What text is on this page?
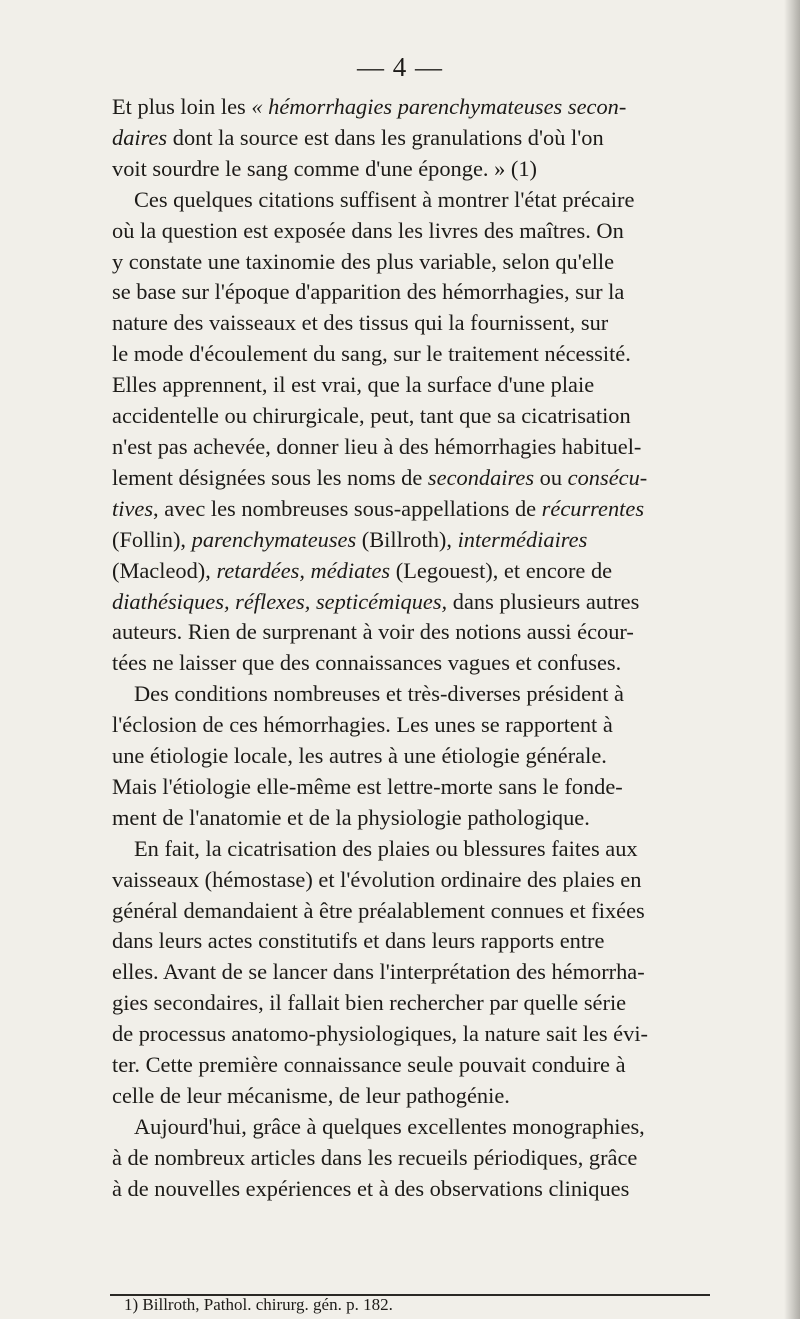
— 4 —

Et plus loin les « hémorrhagies parenchymateuses secon-
daires dont la source est dans les granulations d'où l'on
voit sourdre le sang comme d'une éponge. » (1)

Ces quelques citations suffisent à montrer l'état précaire
où la question est exposée dans les livres des maîtres. On
y constate une taxinomie des plus variable, selon qu'elle
se base sur l'époque d'apparition des hémorrhagies, sur la
nature des vaisseaux et des tissus qui la fournissent, sur
le mode d'écoulement du sang, sur le traitement nécessité.
Elles apprennent, il est vrai, que la surface d'une plaie
accidentelle ou chirurgicale, peut, tant que sa cicatrisation
n'est pas achevée, donner lieu à des hémorrhagies habituel-
lement désignées sous les noms de secondaires ou consécu-
tives, avec les nombreuses sous-appellations de récurrentes
(Follin), parenchymateuses (Billroth), intermédiaires
(Macleod), retardées, médiates (Legouest), et encore de
diathésiques, réflexes, septicémiques, dans plusieurs autres
auteurs. Rien de surprenant à voir des notions aussi écour-
tées ne laisser que des connaissances vagues et confuses.

Des conditions nombreuses et très-diverses président à
l'éclosion de ces hémorrhagies. Les unes se rapportent à
une étiologie locale, les autres à une étiologie générale.
Mais l'étiologie elle-même est lettre-morte sans le fonde-
ment de l'anatomie et de la physiologie pathologique.

En fait, la cicatrisation des plaies ou blessures faites aux
vaisseaux (hémostase) et l'évolution ordinaire des plaies en
général demandaient à être préalablement connues et fixées
dans leurs actes constitutifs et dans leurs rapports entre
elles. Avant de se lancer dans l'interprétation des hémorrha-
gies secondaires, il fallait bien rechercher par quelle série
de processus anatomo-physiologiques, la nature sait les évi-
ter. Cette première connaissance seule pouvait conduire à
celle de leur mécanisme, de leur pathogénie.

Aujourd'hui, grâce à quelques excellentes monographies,
à de nombreux articles dans les recueils périodiques, grâce
à de nouvelles expériences et à des observations cliniques

1) Billroth, Pathol. chirurg. gén. p. 182.
